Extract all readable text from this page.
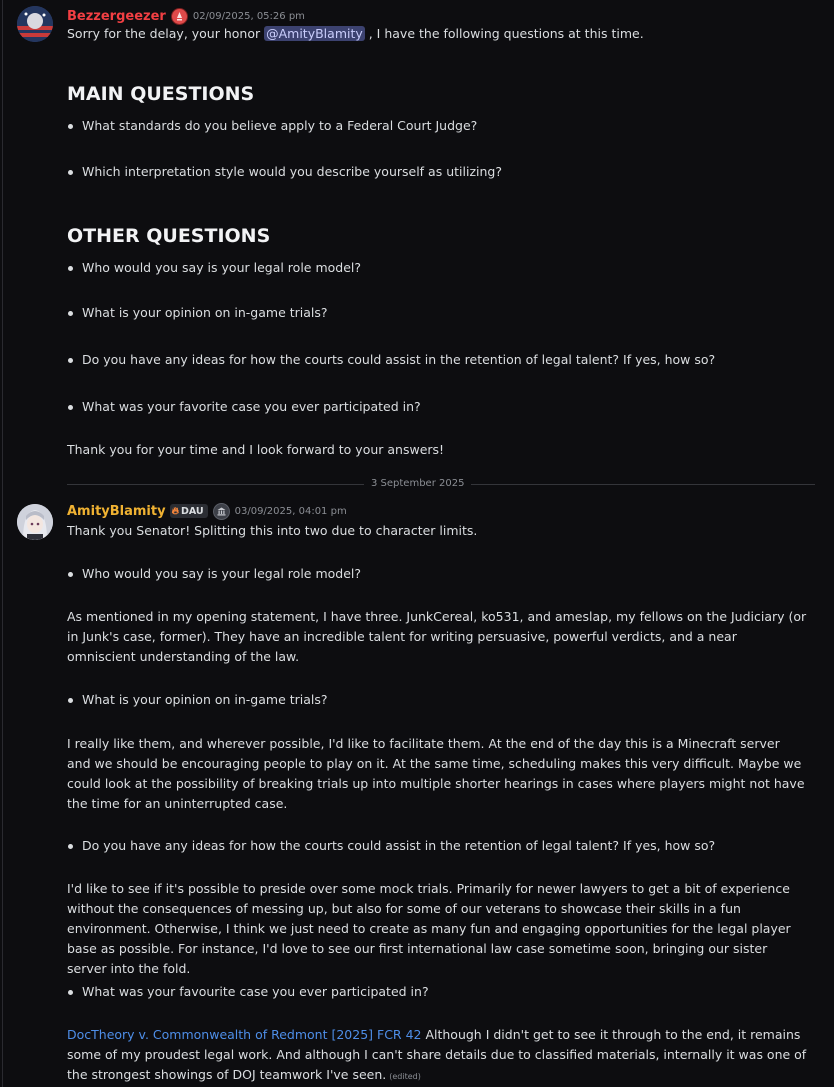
Bezzergeezer	02/09/2025, 05:26 pm
Sorry for the delay, your honor @AmityBlamity , I have the following questions at this time.
MAIN QUESTIONS
What standards do you believe apply to a Federal Court Judge?
Which interpretation style would you describe yourself as utilizing?
OTHER QUESTIONS
Who would you say is your legal role model?
What is your opinion on in-game trials?
Do you have any ideas for how the courts could assist in the retention of legal talent? If yes, how so?
What was your favorite case you ever participated in?
Thank you for your time and I look forward to your answers!
3 September 2025
AmityBlamity 🔥︎ DAU	03/09/2025, 04:01 pm
Thank you Senator! Splitting this into two due to character limits.
Who would you say is your legal role model?
As mentioned in my opening statement, I have three. JunkCereal, ko531, and ameslap, my fellows on the Judiciary (or in Junk's case, former). They have an incredible talent for writing persuasive, powerful verdicts, and a near omniscient understanding of the law.
What is your opinion on in-game trials?
I really like them, and wherever possible, I'd like to facilitate them. At the end of the day this is a Minecraft server and we should be encouraging people to play on it. At the same time, scheduling makes this very difficult. Maybe we could look at the possibility of breaking trials up into multiple shorter hearings in cases where players might not have the time for an uninterrupted case.
Do you have any ideas for how the courts could assist in the retention of legal talent? If yes, how so?
I'd like to see if it's possible to preside over some mock trials. Primarily for newer lawyers to get a bit of experience without the consequences of messing up, but also for some of our veterans to showcase their skills in a fun environment. Otherwise, I think we just need to create as many fun and engaging opportunities for the legal player base as possible. For instance, I'd love to see our first international law case sometime soon, bringing our sister server into the fold.
What was your favourite case you ever participated in?
DocTheory v. Commonwealth of Redmont [2025] FCR 42 Although I didn't get to see it through to the end, it remains some of my proudest legal work. And although I can't share details due to classified materials, internally it was one of the strongest showings of DOJ teamwork I've seen. (edited)
